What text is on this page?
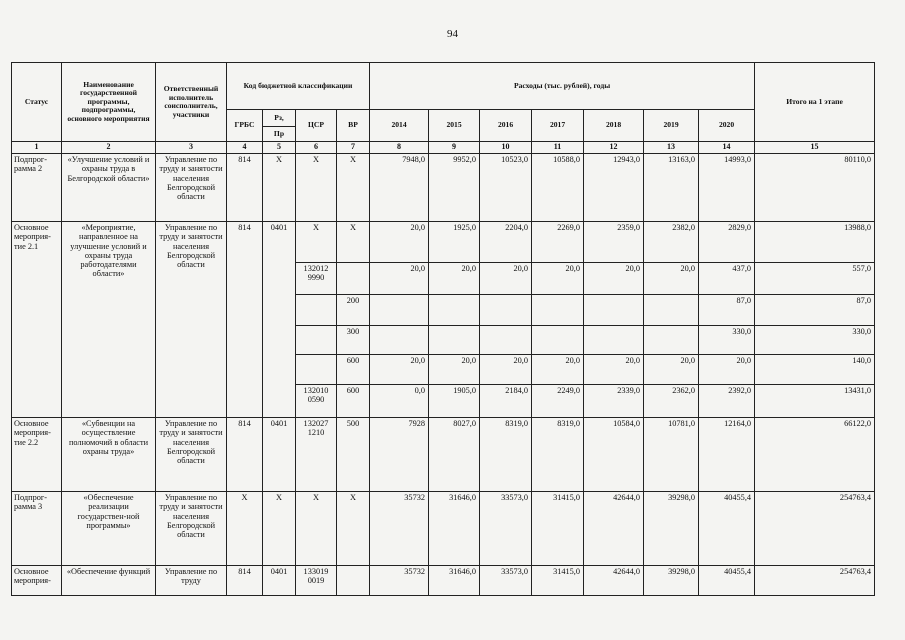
94
Статус	Наименование государственной программы, подпрограммы, основного мероприятия	Ответственный исполнитель соисполнитель, участники	Код бюджетной классификации				Расходы (тыс. рублей), годы							Итого на 1 этапе
			ГРБС	Рз,	ЦСР	ВР	2014	2015	2016	2017	2018	2019	2020	
				Пр										
1	2	3	4	5	6	7	8	9	10	11	12	13	14	15
Подпрог-рамма 2	«Улучшение условий и охраны труда в Белгородской области»	Управление по труду и занятости населения Белгородской области	814	Х	Х	Х	7948,0	9952,0	10523,0	10588,0	12943,0	13163,0	14993,0	80110,0
Основное мероприя-тие 2.1	«Мероприятие, направленное на улучшение условий и охраны труда работодателями области»	Управление по труду и занятости населения Белгородской области	814	0401	Х	Х	20,0	1925,0	2204,0	2269,0	2359,0	2382,0	2829,0	13988,0
					132012 9990		20,0	20,0	20,0	20,0	20,0	20,0	437,0	557,0
						200							87,0	87,0
						300							330,0	330,0
						600	20,0	20,0	20,0	20,0	20,0	20,0	20,0	140,0
					132010 0590	600	0,0	1905,0	2184,0	2249,0	2339,0	2362,0	2392,0	13431,0
Основное мероприя-тие 2.2	«Субвенции на осуществление полномочий в области охраны труда»	Управление по труду и занятости населения Белгородской области	814	0401	132027 1210	500	7928	8027,0	8319,0	8319,0	10584,0	10781,0	12164,0	66122,0
Подпрог-рамма 3	«Обеспечение реализации государствен-ной программы»	Управление по труду и занятости населения Белгородской области	Х	Х	Х	Х	35732	31646,0	33573,0	31415,0	42644,0	39298,0	40455,4	254763,4
Основное мероприя-	«Обеспечение функций	Управление по труду	814	0401	133019 0019		35732	31646,0	33573,0	31415,0	42644,0	39298,0	40455,4	254763,4
